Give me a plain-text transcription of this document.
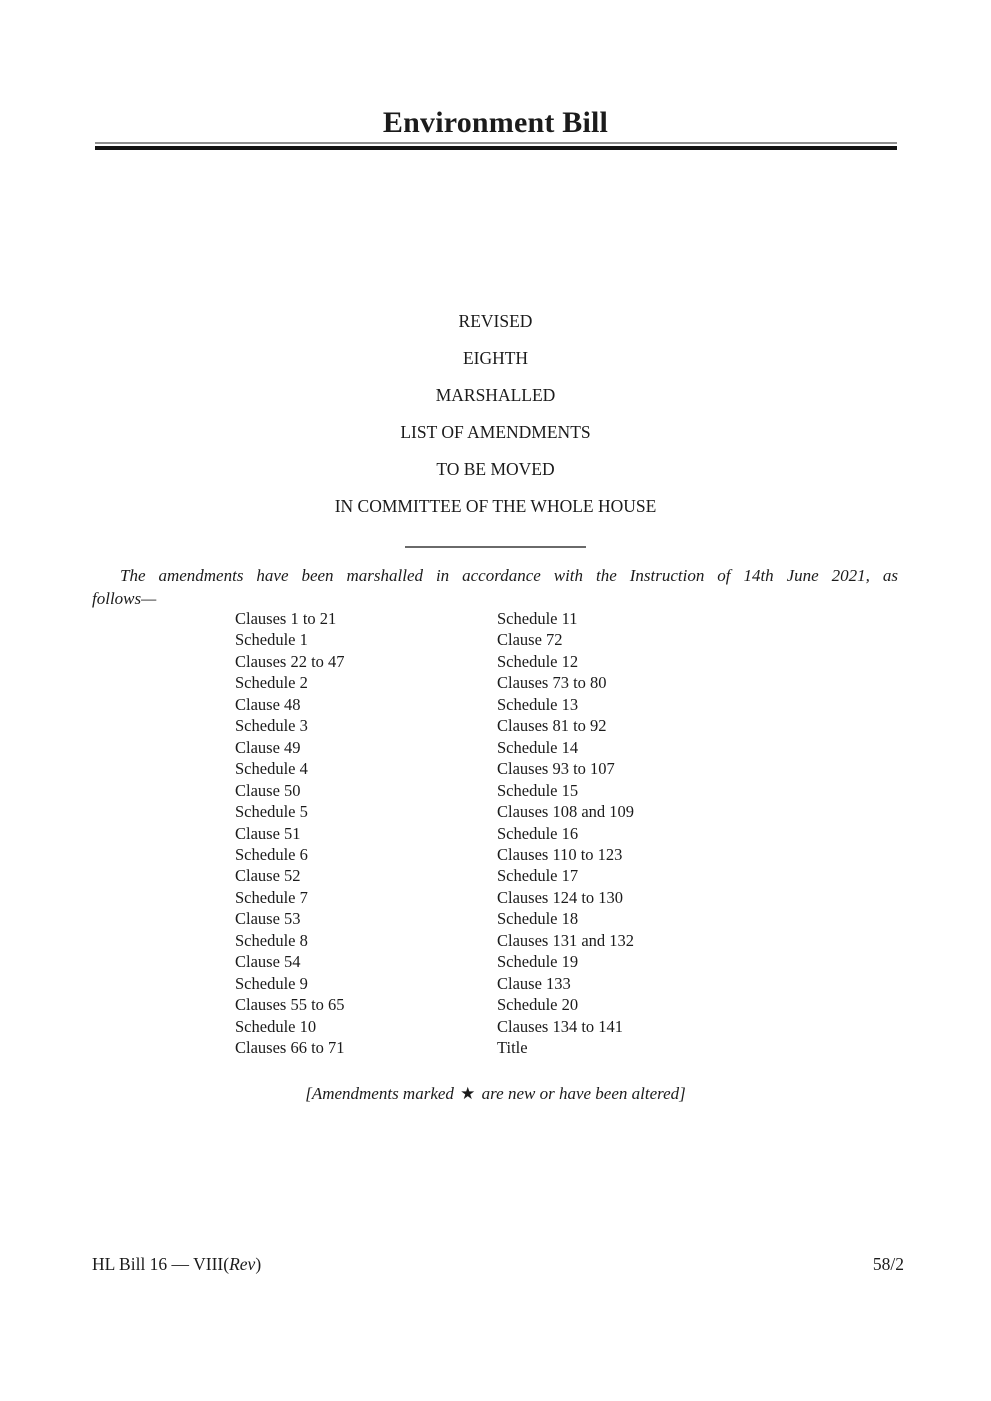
Environment Bill
REVISED
EIGHTH
MARSHALLED
LIST OF AMENDMENTS
TO BE MOVED
IN COMMITTEE OF THE WHOLE HOUSE
The amendments have been marshalled in accordance with the Instruction of 14th June 2021, as
follows—
Clauses 1 to 21
Schedule 1
Clauses 22 to 47
Schedule 2
Clause 48
Schedule 3
Clause 49
Schedule 4
Clause 50
Schedule 5
Clause 51
Schedule 6
Clause 52
Schedule 7
Clause 53
Schedule 8
Clause 54
Schedule 9
Clauses 55 to 65
Schedule 10
Clauses 66 to 71
Schedule 11
Clause 72
Schedule 12
Clauses 73 to 80
Schedule 13
Clauses 81 to 92
Schedule 14
Clauses 93 to 107
Schedule 15
Clauses 108 and 109
Schedule 16
Clauses 110 to 123
Schedule 17
Clauses 124 to 130
Schedule 18
Clauses 131 and 132
Schedule 19
Clause 133
Schedule 20
Clauses 134 to 141
Title
[Amendments marked ★ are new or have been altered]
HL Bill 16 — VIII(Rev)	58/2
